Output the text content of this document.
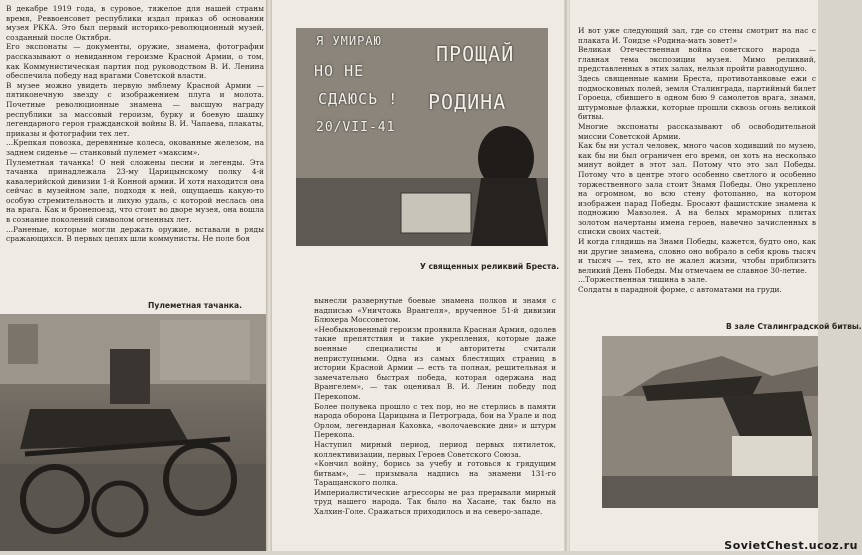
В декабре 1919 года, в суровое, тяжелое для нашей страны время, Реввоенсовет республики издал приказ об основании музея РККА. Это был первый историко-революционный музей, созданный после Октября.
Его экспонаты — документы, оружие, знамена, фотографии рассказывают о невиданном героизме Красной Армии, о том, как Коммунистическая партия под руководством В. И. Ленина обеспечила победу над врагами Советской власти.
В музее можно увидеть первую эмблему Красной Армии — пятиконечную звезду с изображением плуга и молота. Почетные революционные знамена — высшую награду республики за массовый героизм, бурку и боевую шашку легендарного героя гражданской войны В. И. Чапаева, плакаты, приказы и фотографии тех лет.
...Крепкая повозка, деревянные колеса, окованные железом, на заднем сиденье — станковый пулемет «максим».
Пулеметная тачанка! О ней сложены песни и легенды. Эта тачанка принадлежала 23-му Царицынскому полку 4-й кавалерийской дивизии 1-й Конной армии. И хотя находится она сейчас в музейном зале, подходя к ней, ощущаешь какую-то особую стремительность и лихую удаль, с которой неслась она на врага. Как и бронепоезд, что стоит во дворе музея, она вошла в сознание поколений символом огненных лет.
...Раненые, которые могли держать оружие, вставали в ряды сражающихся. В первых цепях шли коммунисты. Не поле боя
Пулеметная тачанка.
Я УМИРАЮ
НО НЕ
СДАЮСЬ !
ПРОЩАЙ
РОДИНА
20/VII-41
У священных реликвий Бреста.
вынесли развернутые боевые знамена полков и знамя с надписью «Уничтожь Врангеля», врученное 51-й дивизии Блюхера Моссоветом.
«Необыкновенный героизм проявила Красная Армия, одолев такие препятствия и такие укрепления, которые даже военные специалисты и авторитеты считали неприступными. Одна из самых блестящих страниц в истории Красной Армии — есть та полная, решительная и замечательно быстрая победа, которая одержана над Врангелем», — так оценивал В. И. Ленин победу под Перекопом.
Более полувека прошло с тех пор, но не стерлись в памяти народа оборона Царицына и Петрограда, бои на Урале и под Орлом, легендарная Каховка, «волочаевские дни» и штурм Перекопа.
Наступил мирный период, период первых пятилеток, коллективизации, первых Героев Советского Союза.
«Кончил войну, борись за учебу и готовься к грядущим битвам», — призывала надпись на знамени 131-го Таращанского полка.
Империалистические агрессоры не раз прерывали мирный труд нашего народа. Так было на Хасане, так было на Халхин-Голе. Сражаться приходилось и на северо-западе.
И вот уже следующий зал, где со стены смотрит на нас с плаката И. Тоидзе «Родина-мать зовет!»
Великая Отечественная война советского народа — главная тема экспозиции музея. Мимо реликвий, представленных в этих залах, нельзя пройти равнодушно.
Здесь священные камни Бреста, противотанковые ежи с подмосковных полей, земля Сталинграда, партийный билет Гороеца, сбившего в одном бою 9 самолетов врага, знамя, штурмовые флажки, которые прошли сквозь огонь великой битвы.
Многие экспонаты рассказывают об освободительной миссии Советской Армии.
Как бы ни устал человек, много часов ходивший по музею, как бы ни был ограничен его время, он хоть на несколько минут войдет в этот зал. Потому что это зал Победы. Потому что в центре этого особенно светлого и особенно торжественного зала стоит Знамя Победы. Оно укреплено на огромном, во всю стену фотопанно, на котором изображен парад Победы. Бросают фашистские знамена к подножию Мавзолея. А на белых мраморных плитах золотом начертаны имена героев, навечно зачисленных в списки своих частей.
И когда глядишь на Знамя Победы, кажется, будто оно, как ни другие знамена, словно оно вобрало в себя кровь тысяч и тысяч — тех, кто не жалел жизни, чтобы приблизить великий День Победы. Мы отмечаем ее славное 30-летие.
...Торжественная тишина в зале.
Солдаты в парадной форме, с автоматами на груди.
В зале Сталинградской битвы.
SovietChest.ucoz.ru
